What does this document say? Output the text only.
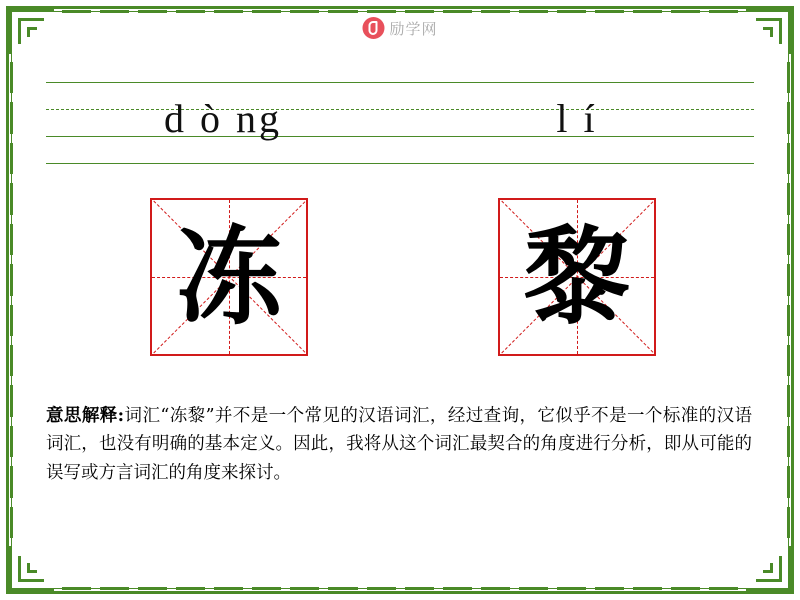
励学网
d ò ng	l í
冻 黎
意思解释:词汇“冻黎”并不是一个常见的汉语词汇，经过查询，它似乎不是一个标准的汉语词汇，也没有明确的基本定义。因此，我将从这个词汇最契合的角度进行分析，即从可能的误写或方言词汇的角度来探讨。
